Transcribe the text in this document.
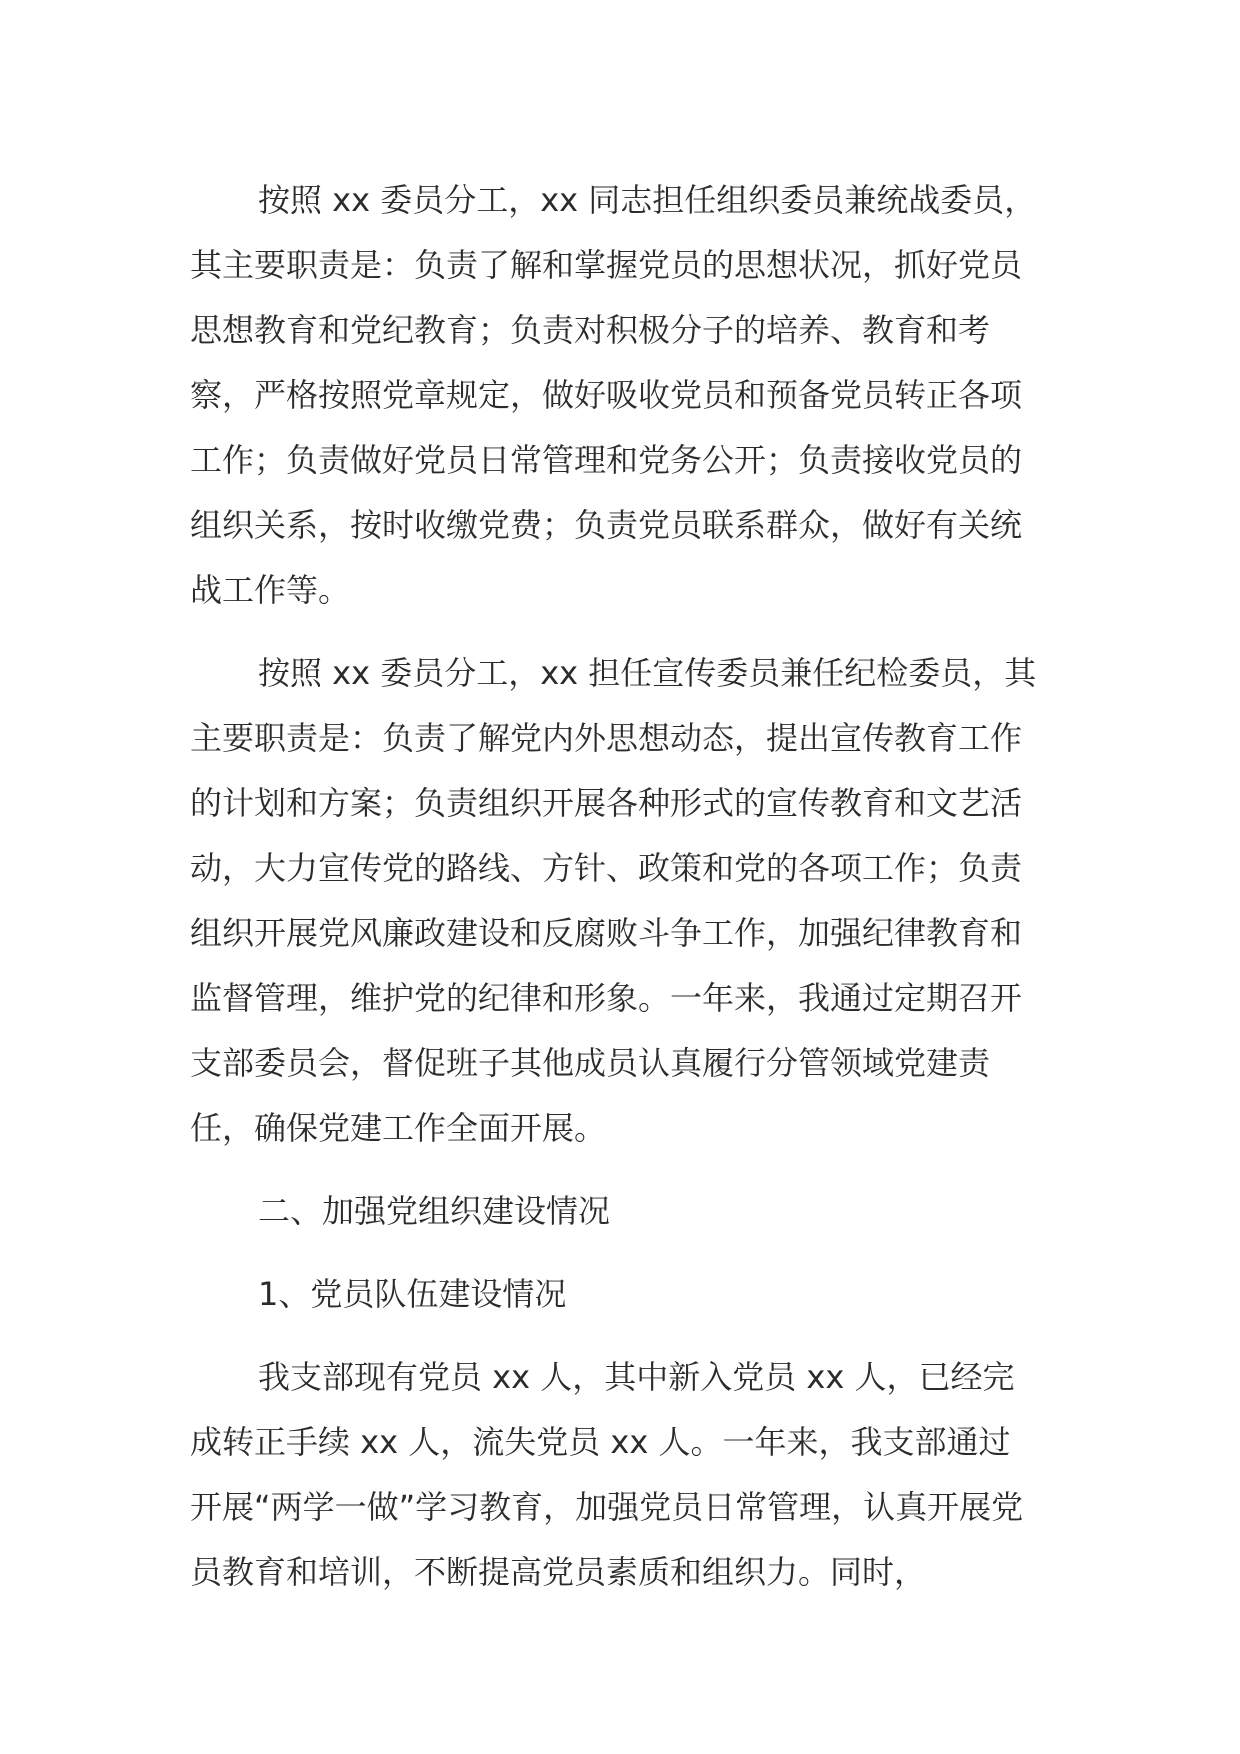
按照 xx 委员分工，xx 同志担任组织委员兼统战委员，其主要职责是：负责了解和掌握党员的思想状况，抓好党员思想教育和党纪教育；负责对积极分子的培养、教育和考察，严格按照党章规定，做好吸收党员和预备党员转正各项工作；负责做好党员日常管理和党务公开；负责接收党员的组织关系，按时收缴党费；负责党员联系群众，做好有关统战工作等。

按照 xx 委员分工，xx 担任宣传委员兼任纪检委员，其主要职责是：负责了解党内外思想动态，提出宣传教育工作的计划和方案；负责组织开展各种形式的宣传教育和文艺活动，大力宣传党的路线、方针、政策和党的各项工作；负责组织开展党风廉政建设和反腐败斗争工作，加强纪律教育和监督管理，维护党的纪律和形象。一年来，我通过定期召开支部委员会，督促班子其他成员认真履行分管领域党建责任，确保党建工作全面开展。

二、加强党组织建设情况

1、党员队伍建设情况

我支部现有党员 xx 人，其中新入党员 xx 人，已经完成转正手续 xx 人，流失党员 xx 人。一年来，我支部通过开展“两学一做”学习教育，加强党员日常管理，认真开展党员教育和培训，不断提高党员素质和组织力。同时，
